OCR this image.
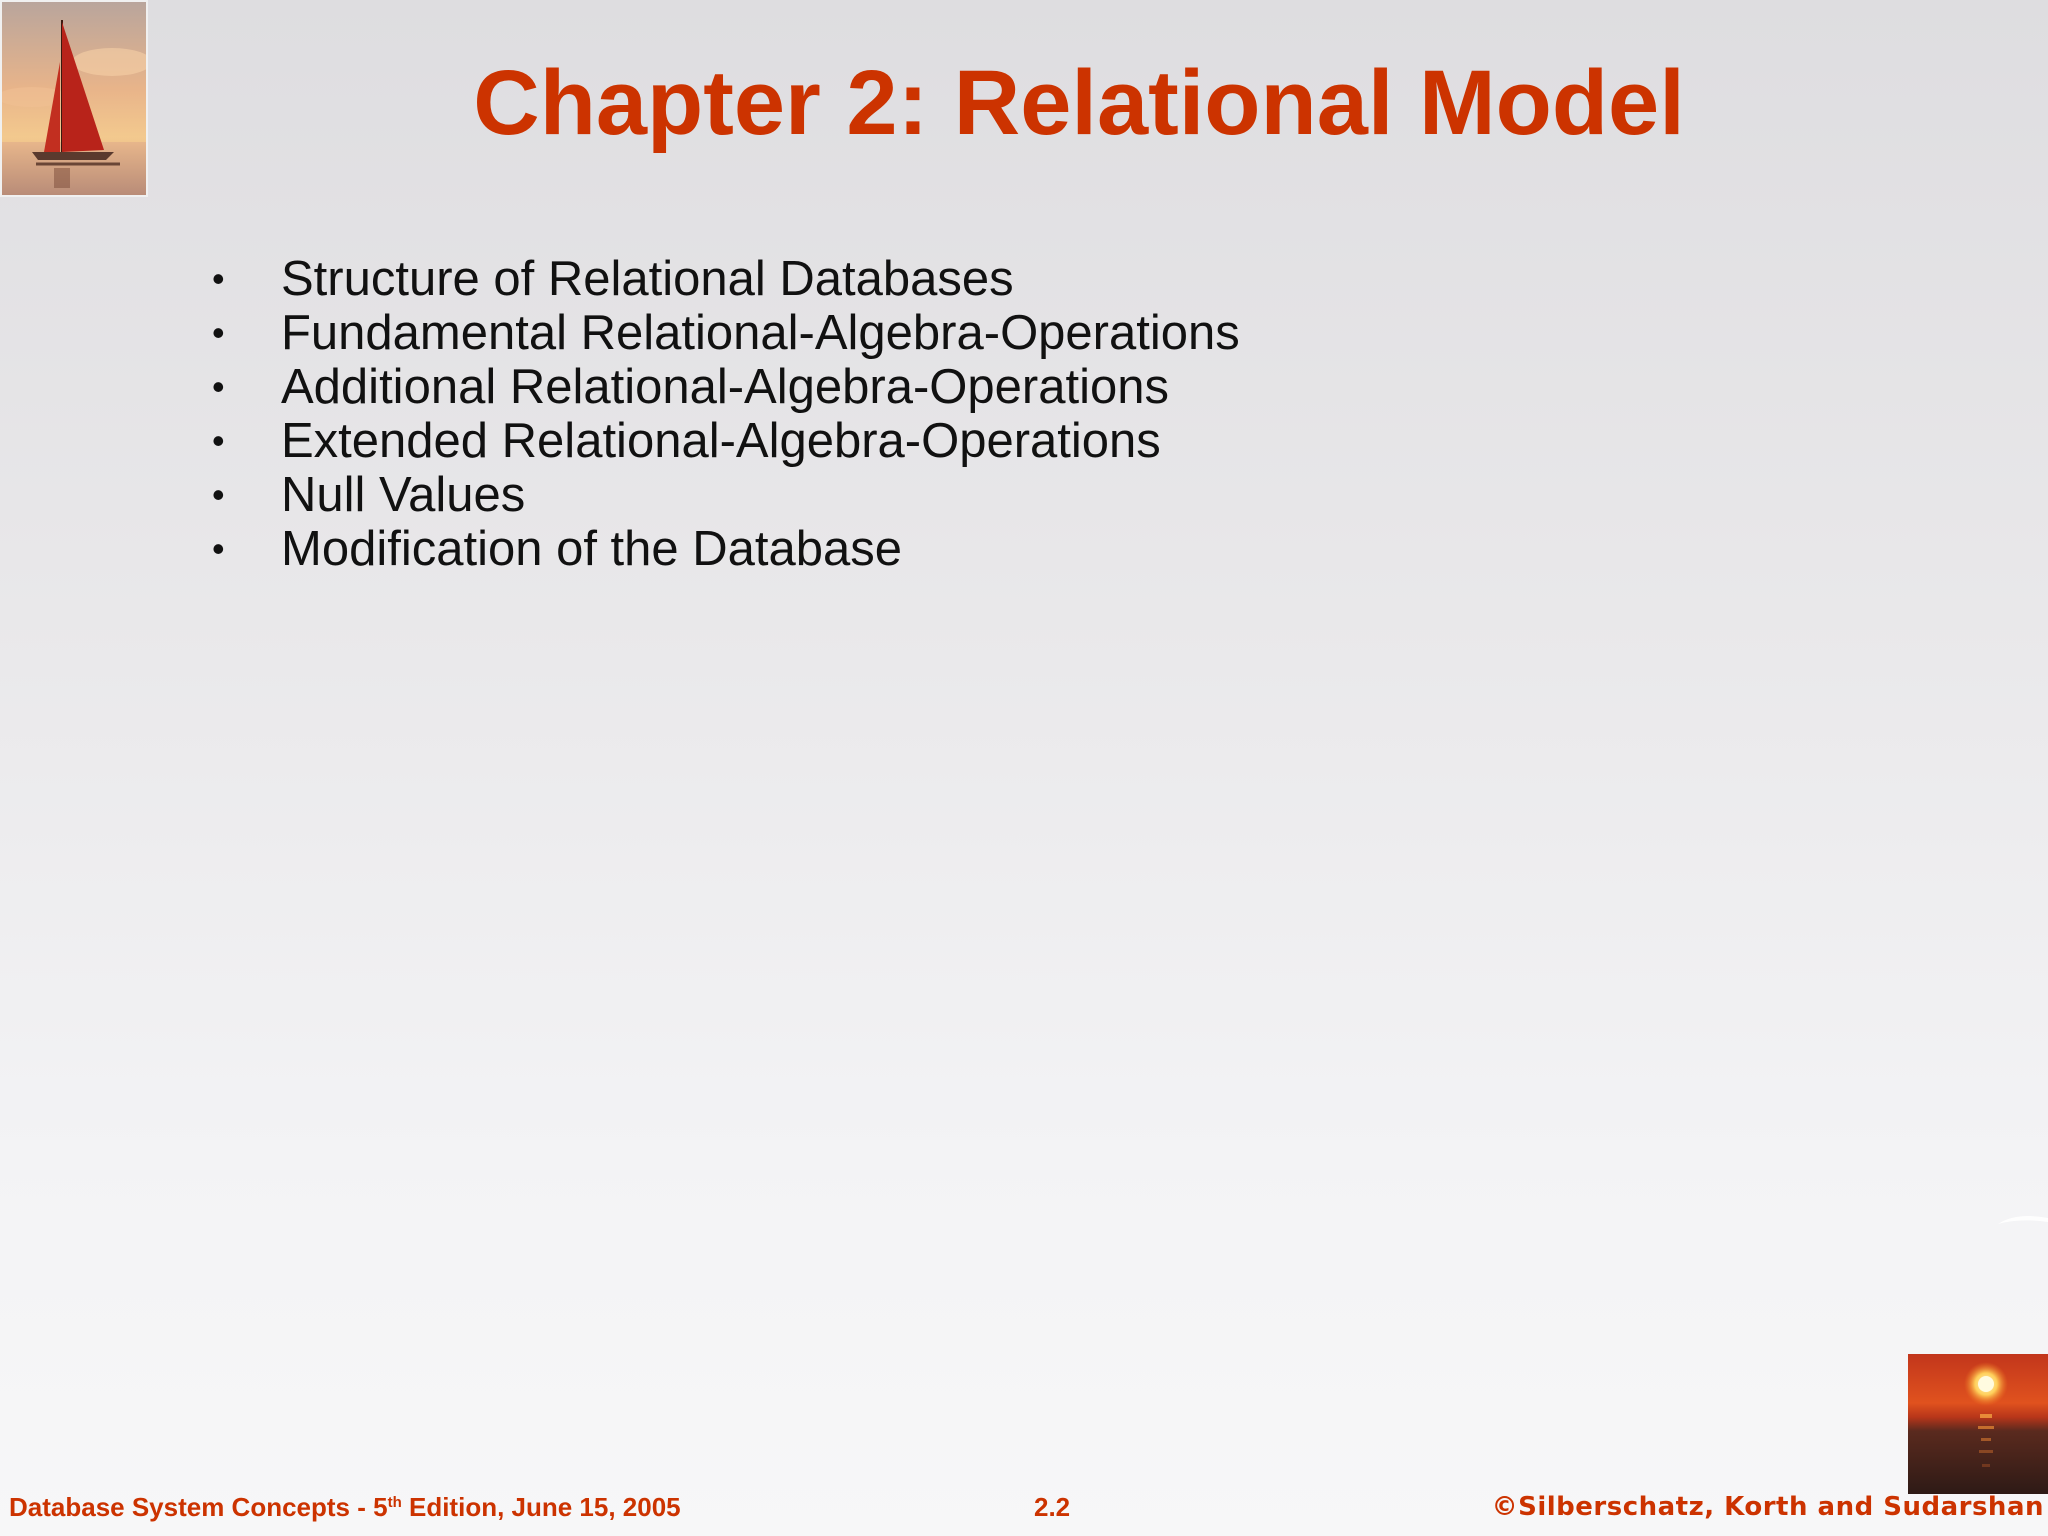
Chapter 2: Relational Model
• Structure of Relational Databases
• Fundamental Relational-Algebra-Operations
• Additional Relational-Algebra-Operations
• Extended Relational-Algebra-Operations
• Null Values
• Modification of the Database
Database System Concepts - 5th Edition, June 15, 2005	2.2	©Silberschatz, Korth and Sudarshan
